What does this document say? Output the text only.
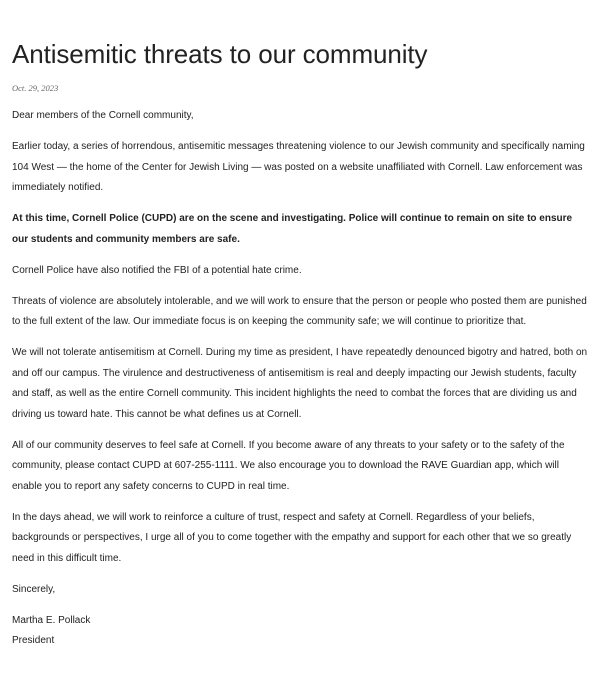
Antisemitic threats to our community
Oct. 29, 2023

Dear members of the Cornell community,

Earlier today, a series of horrendous, antisemitic messages threatening violence to our Jewish community and specifically naming 104 West — the home of the Center for Jewish Living — was posted on a website unaffiliated with Cornell. Law enforcement was immediately notified.

At this time, Cornell Police (CUPD) are on the scene and investigating. Police will continue to remain on site to ensure our students and community members are safe.

Cornell Police have also notified the FBI of a potential hate crime.

Threats of violence are absolutely intolerable, and we will work to ensure that the person or people who posted them are punished to the full extent of the law. Our immediate focus is on keeping the community safe; we will continue to prioritize that.

We will not tolerate antisemitism at Cornell. During my time as president, I have repeatedly denounced bigotry and hatred, both on and off our campus. The virulence and destructiveness of antisemitism is real and deeply impacting our Jewish students, faculty and staff, as well as the entire Cornell community. This incident highlights the need to combat the forces that are dividing us and driving us toward hate. This cannot be what defines us at Cornell.

All of our community deserves to feel safe at Cornell. If you become aware of any threats to your safety or to the safety of the community, please contact CUPD at 607-255-1111. We also encourage you to download the RAVE Guardian app, which will enable you to report any safety concerns to CUPD in real time.

In the days ahead, we will work to reinforce a culture of trust, respect and safety at Cornell. Regardless of your beliefs, backgrounds or perspectives, I urge all of you to come together with the empathy and support for each other that we so greatly need in this difficult time.

Sincerely,

Martha E. Pollack

President
